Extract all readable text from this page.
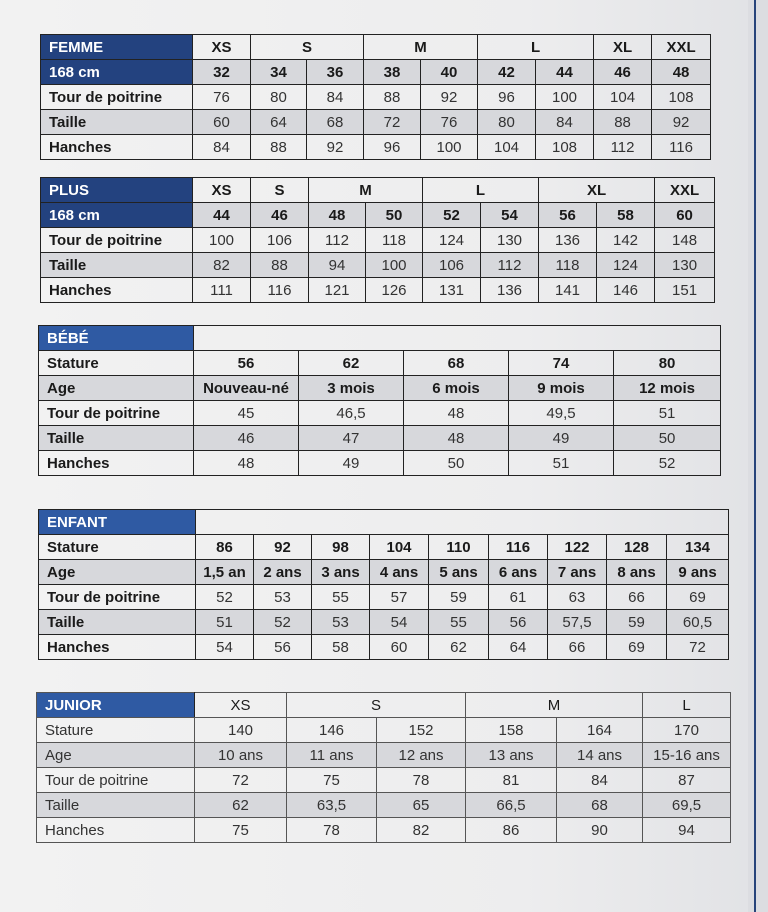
FEMME	XS	S		M		L		XL	XXL
168 cm	32	34	36	38	40	42	44	46	48
Tour de poitrine	76	80	84	88	92	96	100	104	108
Taille	60	64	68	72	76	80	84	88	92
Hanches	84	88	92	96	100	104	108	112	116
PLUS	XS	S	M		L		XL		XXL
168 cm	44	46	48	50	52	54	56	58	60
Tour de poitrine	100	106	112	118	124	130	136	142	148
Taille	82	88	94	100	106	112	118	124	130
Hanches	111	116	121	126	131	136	141	146	151
BÉBÉ					
Stature	56	62	68	74	80
Age	Nouveau-né	3 mois	6 mois	9 mois	12 mois
Tour de poitrine	45	46,5	48	49,5	51
Taille	46	47	48	49	50
Hanches	48	49	50	51	52
ENFANT									
Stature	86	92	98	104	110	116	122	128	134
Age	1,5 an	2 ans	3 ans	4 ans	5 ans	6 ans	7 ans	8 ans	9 ans
Tour de poitrine	52	53	55	57	59	61	63	66	69
Taille	51	52	53	54	55	56	57,5	59	60,5
Hanches	54	56	58	60	62	64	66	69	72
JUNIOR	XS	S		M		L
Stature	140	146	152	158	164	170
Age	10 ans	11 ans	12 ans	13 ans	14 ans	15-16 ans
Tour de poitrine	72	75	78	81	84	87
Taille	62	63,5	65	66,5	68	69,5
Hanches	75	78	82	86	90	94
